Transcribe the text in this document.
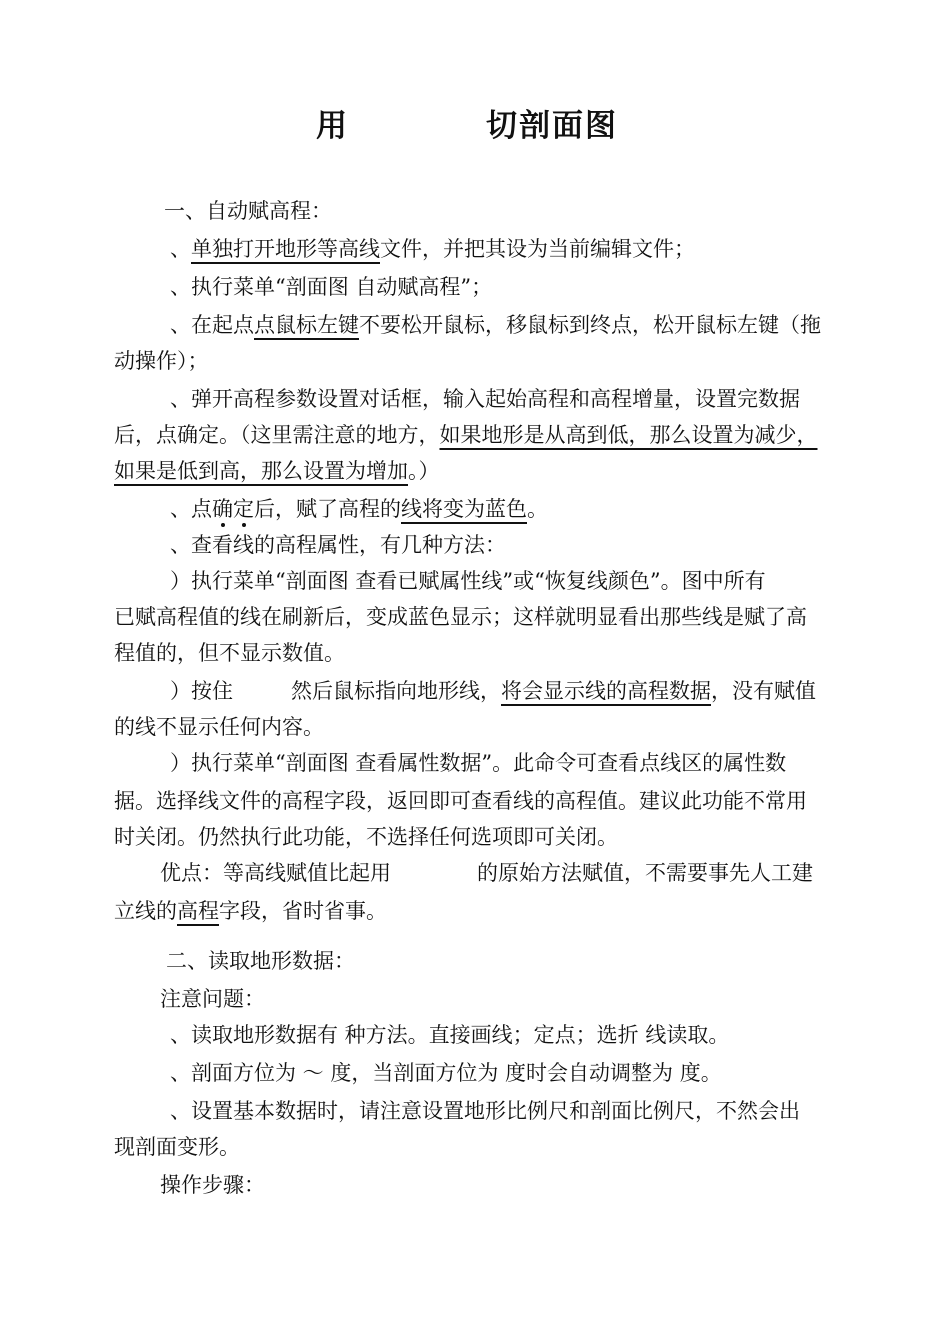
用	切剖面图
一、自动赋高程：
、单独打开地形等高线文件，并把其设为当前编辑文件；
、执行菜单“剖面图 自动赋高程”；
、在起点点鼠标左键不要松开鼠标，移鼠标到终点，松开鼠标左键（拖
动操作）；
、弹开高程参数设置对话框，输入起始高程和高程增量，设置完数据
后，点确定。（这里需注意的地方，如果地形是从高到低，那么设置为减少，
如果是低到高，那么设置为增加。）
、点确定后，赋了高程的线将变为蓝色。
、查看线的高程属性，有几种方法：
）执行菜单“剖面图 查看已赋属性线”或“恢复线颜色”。图中所有
已赋高程值的线在刷新后，变成蓝色显示；这样就明显看出那些线是赋了高
程值的，但不显示数值。
）按住	然后鼠标指向地形线，将会显示线的高程数据，没有赋值
的线不显示任何内容。
）执行菜单“剖面图 查看属性数据”。此命令可查看点线区的属性数
据。选择线文件的高程字段，返回即可查看线的高程值。建议此功能不常用
时关闭。仍然执行此功能，不选择任何选项即可关闭。
优点：等高线赋值比起用	的原始方法赋值，不需要事先人工建
立线的高程字段，省时省事。
二、读取地形数据：
注意问题：
、读取地形数据有 种方法。直接画线；定点；选折 线读取。
、剖面方位为 ～ 度，当剖面方位为 度时会自动调整为 度。
、设置基本数据时，请注意设置地形比例尺和剖面比例尺，不然会出
现剖面变形。
操作步骤：
